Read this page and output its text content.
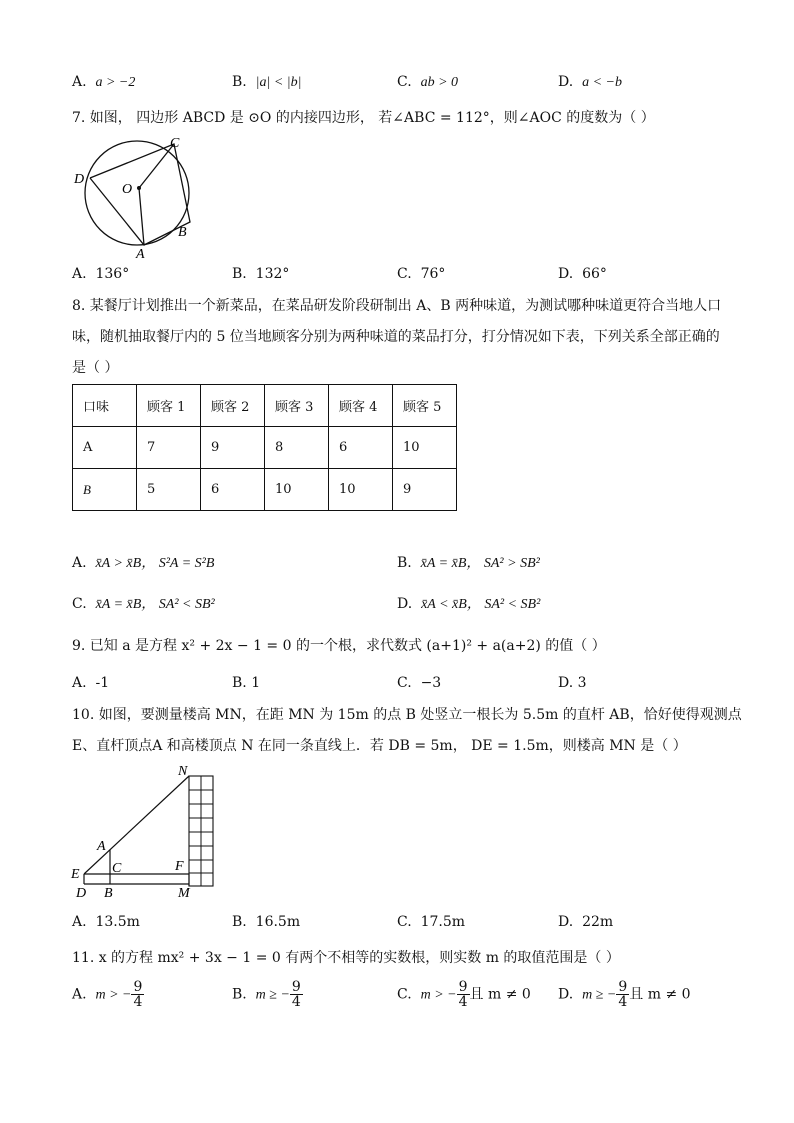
A. a > −2	B. |a| < |b|	C. ab > 0	D. a < −b
7. 如图， 四边形 ABCD 是 ⊙O 的内接四边形， 若∠ABC = 112°，则∠AOC 的度数为（ ）
C
D
O
B
A
A. 136°	B. 132°	C. 76°	D. 66°
8. 某餐厅计划推出一个新菜品，在菜品研发阶段研制出 A、B 两种味道，为测试哪种味道更符合当地人口
味，随机抽取餐厅内的 5 位当地顾客分别为两种味道的菜品打分，打分情况如下表，下列关系全部正确的
是（ ）
口味	顾客 1	顾客 2	顾客 3	顾客 4	顾客 5
A	7	9	8	6	10
B	5	6	10	10	9
A. x̄A > x̄B， S²A = S²B	B. x̄A = x̄B， SA² > SB²
C. x̄A = x̄B， SA² < SB²	D. x̄A < x̄B， SA² < SB²
9. 已知 a 是方程 x² + 2x − 1 = 0 的一个根，求代数式 (a+1)² + a(a+2) 的值（ ）
A. -1	B. 1	C. −3	D. 3
10. 如图，要测量楼高 MN，在距 MN 为 15m 的点 B 处竖立一根长为 5.5m 的直杆 AB，恰好使得观测点
E、直杆顶点A 和高楼顶点 N 在同一条直线上．若 DB = 5m， DE = 1.5m，则楼高 MN 是（ ）
N
A
E C	F
D B	M
A. 13.5m	B. 16.5m	C. 17.5m	D. 22m
11. x 的方程 mx² + 3x − 1 = 0 有两个不相等的实数根，则实数 m 的取值范围是（ ）
A. m > − $\frac{9}{4}$	B. m ≥ − $\frac{9}{4}$	C. m > − $\frac{9}{4}$ 且 m ≠ 0 D. m ≥ − $\frac{9}{4}$ 且 m ≠ 0
